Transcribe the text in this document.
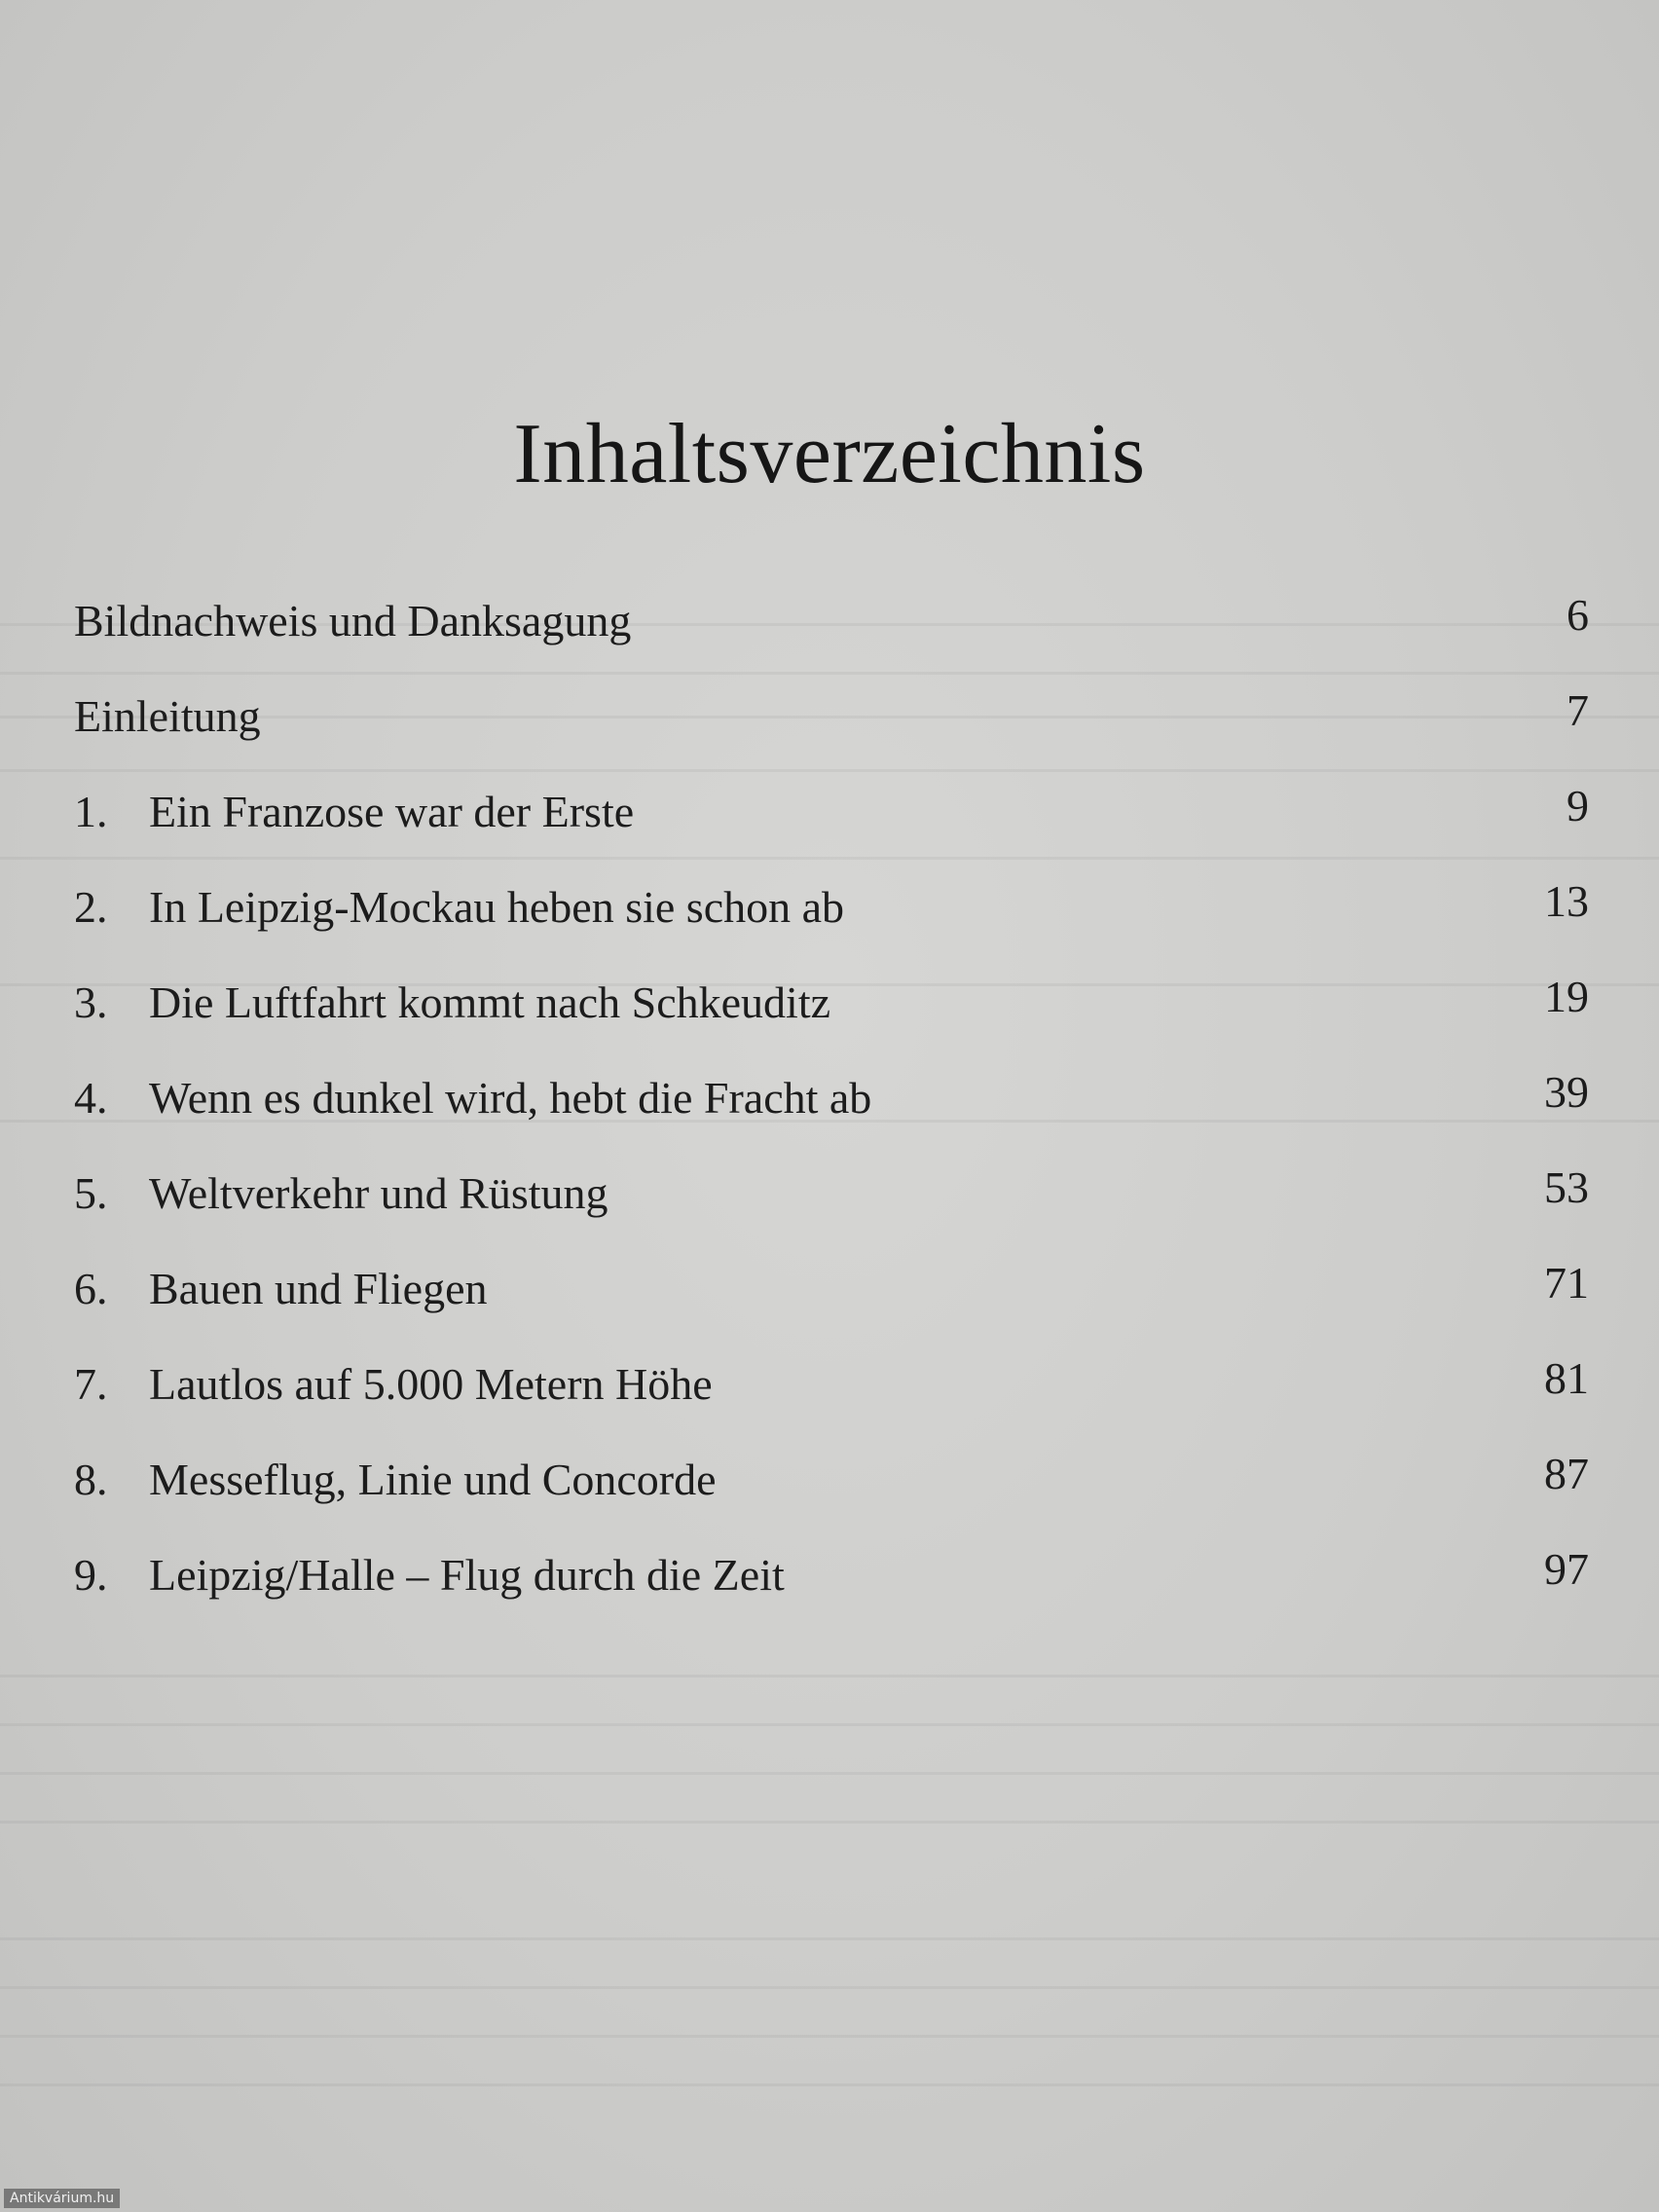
Inhaltsverzeichnis
Bildnachweis und Danksagung	6
Einleitung	7
1. Ein Franzose war der Erste	9
2. In Leipzig-Mockau heben sie schon ab	13
3. Die Luftfahrt kommt nach Schkeuditz	19
4. Wenn es dunkel wird, hebt die Fracht ab	39
5. Weltverkehr und Rüstung	53
6. Bauen und Fliegen	71
7. Lautlos auf 5.000 Metern Höhe	81
8. Messeflug, Linie und Concorde	87
9. Leipzig/Halle – Flug durch die Zeit	97
Antikvárium.hu
